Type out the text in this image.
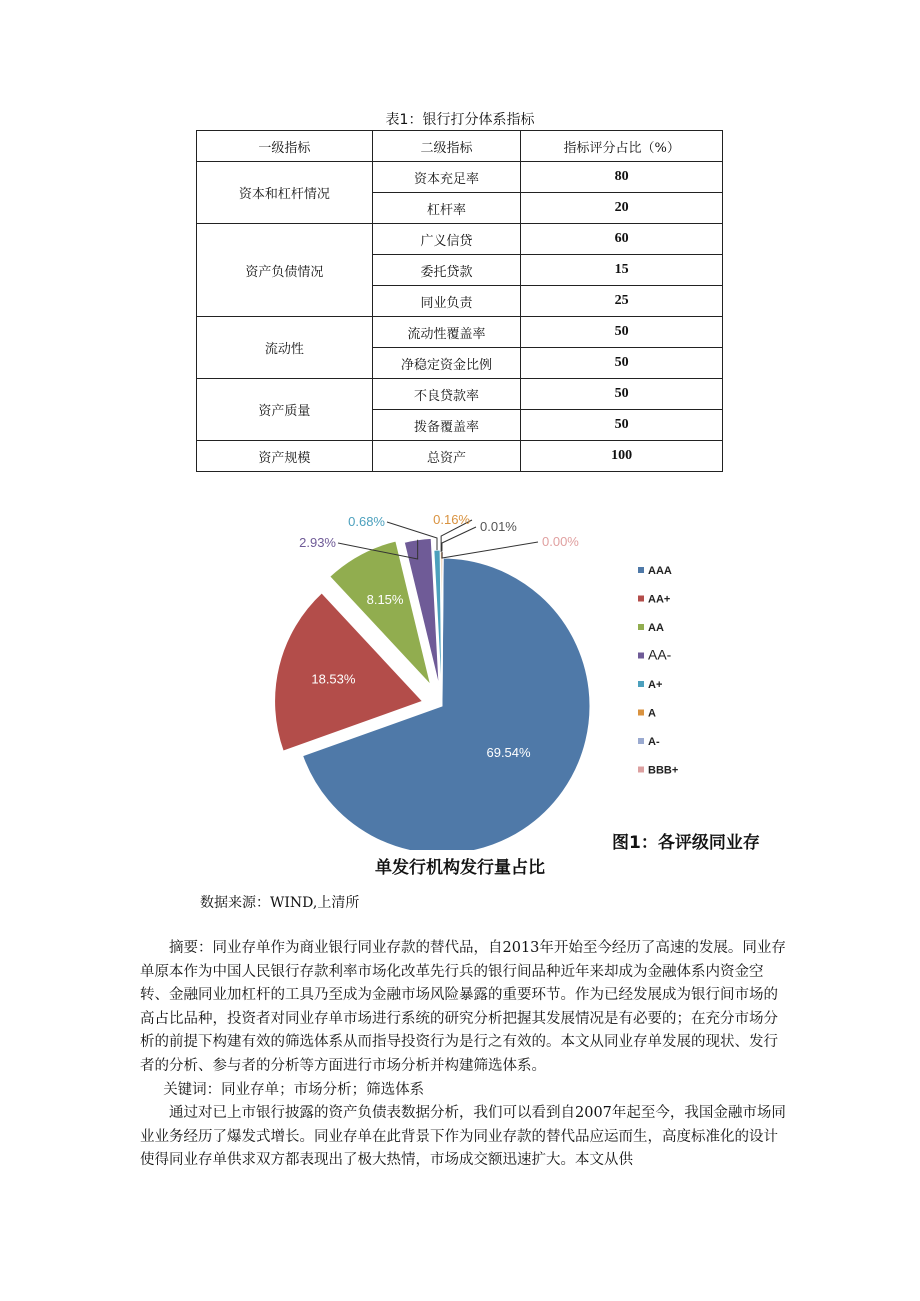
表1：银行打分体系指标
一级指标	二级指标	指标评分占比（%）
资本和杠杆情况	资本充足率	80
	杠杆率	20
资产负债情况	广义信贷	60
	委托贷款	15
	同业负责	25
流动性	流动性覆盖率	50
	净稳定资金比例	50
资产质量	不良贷款率	50
	拨备覆盖率	50
资产规模	总资产	100
69.54%
18.53%
8.15%
2.93%
0.68%	0.16% 0.01%
0.00%
AAA
AA+
AA
AA-
A+
A
A-
BBB+
图1：各评级同业存
单发行机构发行量占比
数据来源：WIND,上清所

摘要：同业存单作为商业银行同业存款的替代品，自2013年开始至今经历了高速的发展。同业存单原本作为中国人民银行存款利率市场化改革先行兵的银行间品种近年来却成为金融体系内资金空转、金融同业加杠杆的工具乃至成为金融市场风险暴露的重要环节。作为已经发展成为银行间市场的高占比品种，投资者对同业存单市场进行系统的研究分析把握其发展情况是有必要的；在充分市场分析的前提下构建有效的筛选体系从而指导投资行为是行之有效的。本文从同业存单发展的现状、发行者的分析、参与者的分析等方面进行市场分析并构建筛选体系。

关键词：同业存单；市场分析；筛选体系

通过对已上市银行披露的资产负债表数据分析，我们可以看到自2007年起至今，我国金融市场同业业务经历了爆发式增长。同业存单在此背景下作为同业存款的替代品应运而生，高度标准化的设计使得同业存单供求双方都表现出了极大热情，市场成交额迅速扩大。本文从供
